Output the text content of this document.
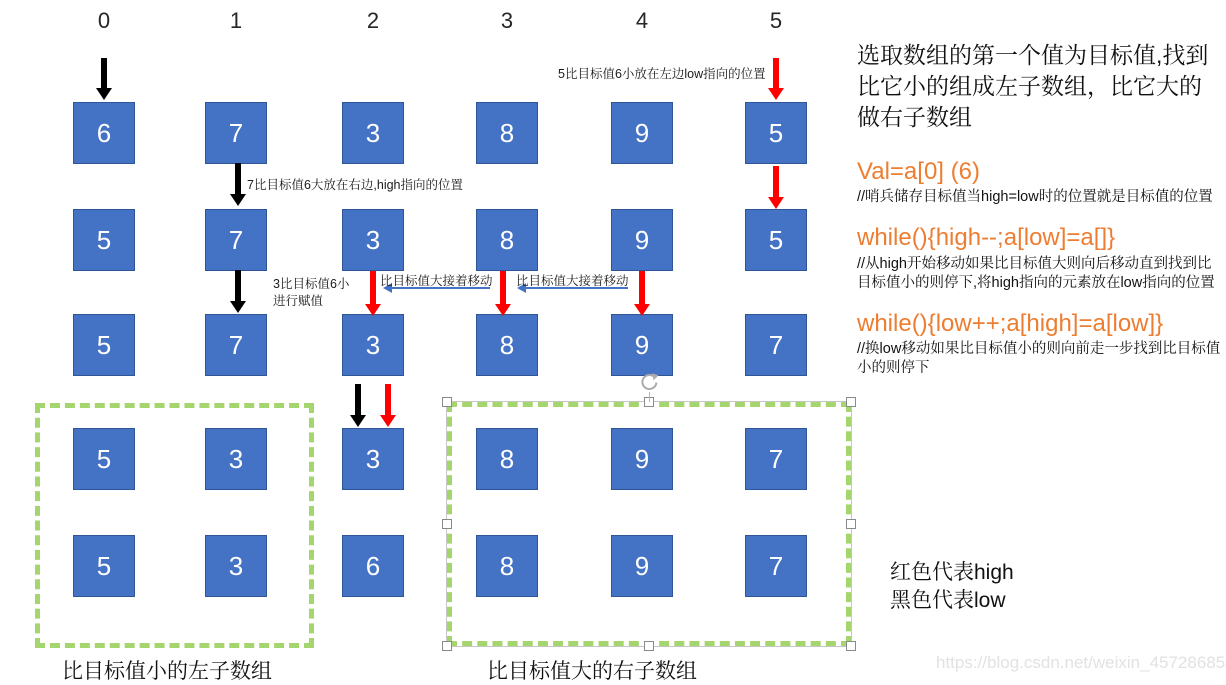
0	1	2	3	4	5
6	7	3	8	9	5
5	7	3	8	9	5
5	7	3	8	9	7
5	3	3	8	9	7
5	3	6	8	9	7
5比目标值6小放在左边low指向的位置
7比目标值6大放在右边,high指向的位置
3比目标值6小
进行赋值
比目标值大接着移动 比目标值大接着移动
比目标值小的左子数组	比目标值大的右子数组
选取数组的第一个值为目标值,找到比它小的组成左子数组，比它大的做右子数组
Val=a[0] (6)
//哨兵储存目标值当high=low时的位置就是目标值的位置
while(){high--;a[low]=a[]}
//从high开始移动如果比目标值大则向后移动直到找到比目标值小的则停下,将high指向的元素放在low指向的位置
while(){low++;a[high]=a[low]}
//换low移动如果比目标值小的则向前走一步找到比目标值小的则停下
红色代表high
黑色代表low
https://blog.csdn.net/weixin_45728685
